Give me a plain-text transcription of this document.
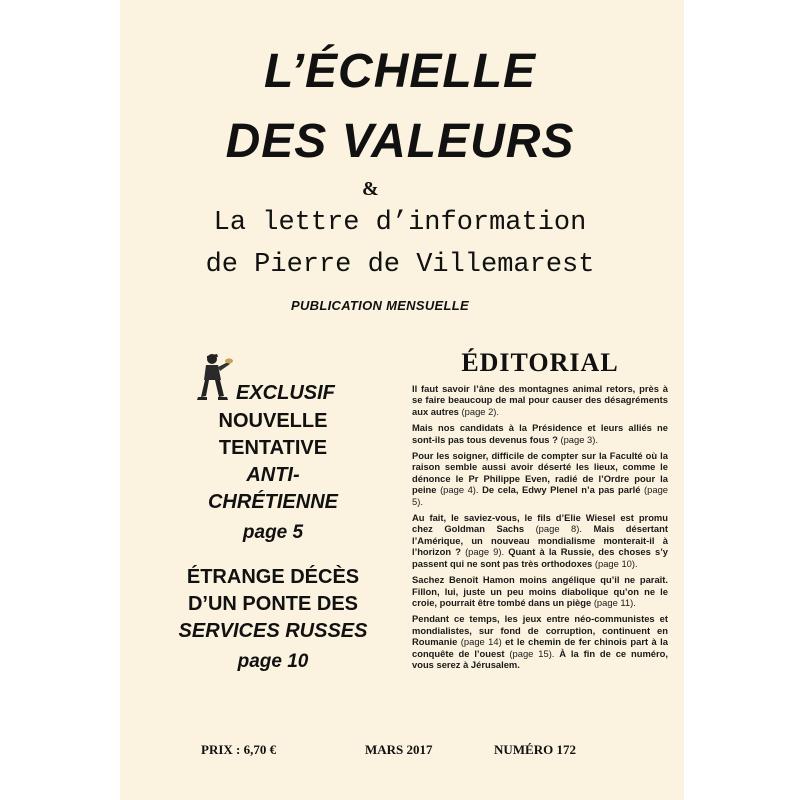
L’ÉCHELLE
DES VALEURS
&
La lettre d’information
de Pierre de Villemarest
PUBLICATION MENSUELLE
EXCLUSIF
NOUVELLE
TENTATIVE
ANTI-
CHRÉTIENNE
page 5
ÉTRANGE DÉCÈS
D’UN PONTE DES
SERVICES RUSSES
page 10
ÉDITORIAL

Il faut savoir l’âne des montagnes animal retors, près à se faire beaucoup de mal pour causer des désagréments aux autres (page 2).

Mais nos candidats à la Présidence et leurs alliés ne sont-ils pas tous devenus fous ? (page 3).

Pour les soigner, difficile de compter sur la Faculté où la raison semble aussi avoir déserté les lieux, comme le dénonce le Pr Philippe Even, radié de l’Ordre pour la peine (page 4). De cela, Edwy Plenel n’a pas parlé (page 5).

Au fait, le saviez-vous, le fils d’Elie Wiesel est promu chez Goldman Sachs (page 8). Mais désertant l’Amérique, un nouveau mondialisme monterait-il à l’horizon ? (page 9). Quant à la Russie, des choses s’y passent qui ne sont pas très orthodoxes (page 10).

Sachez Benoît Hamon moins angélique qu’il ne paraît. Fillon, lui, juste un peu moins diabolique qu’on ne le croie, pourrait être tombé dans un piège (page 11).

Pendant ce temps, les jeux entre néo-communistes et mondialistes, sur fond de corruption, continuent en Roumanie (page 14) et le chemin de fer chinois part à la conquête de l’ouest (page 15). À la fin de ce numéro, vous serez à Jérusalem.

PRIX : 6,70 €	MARS 2017	NUMÉRO 172
